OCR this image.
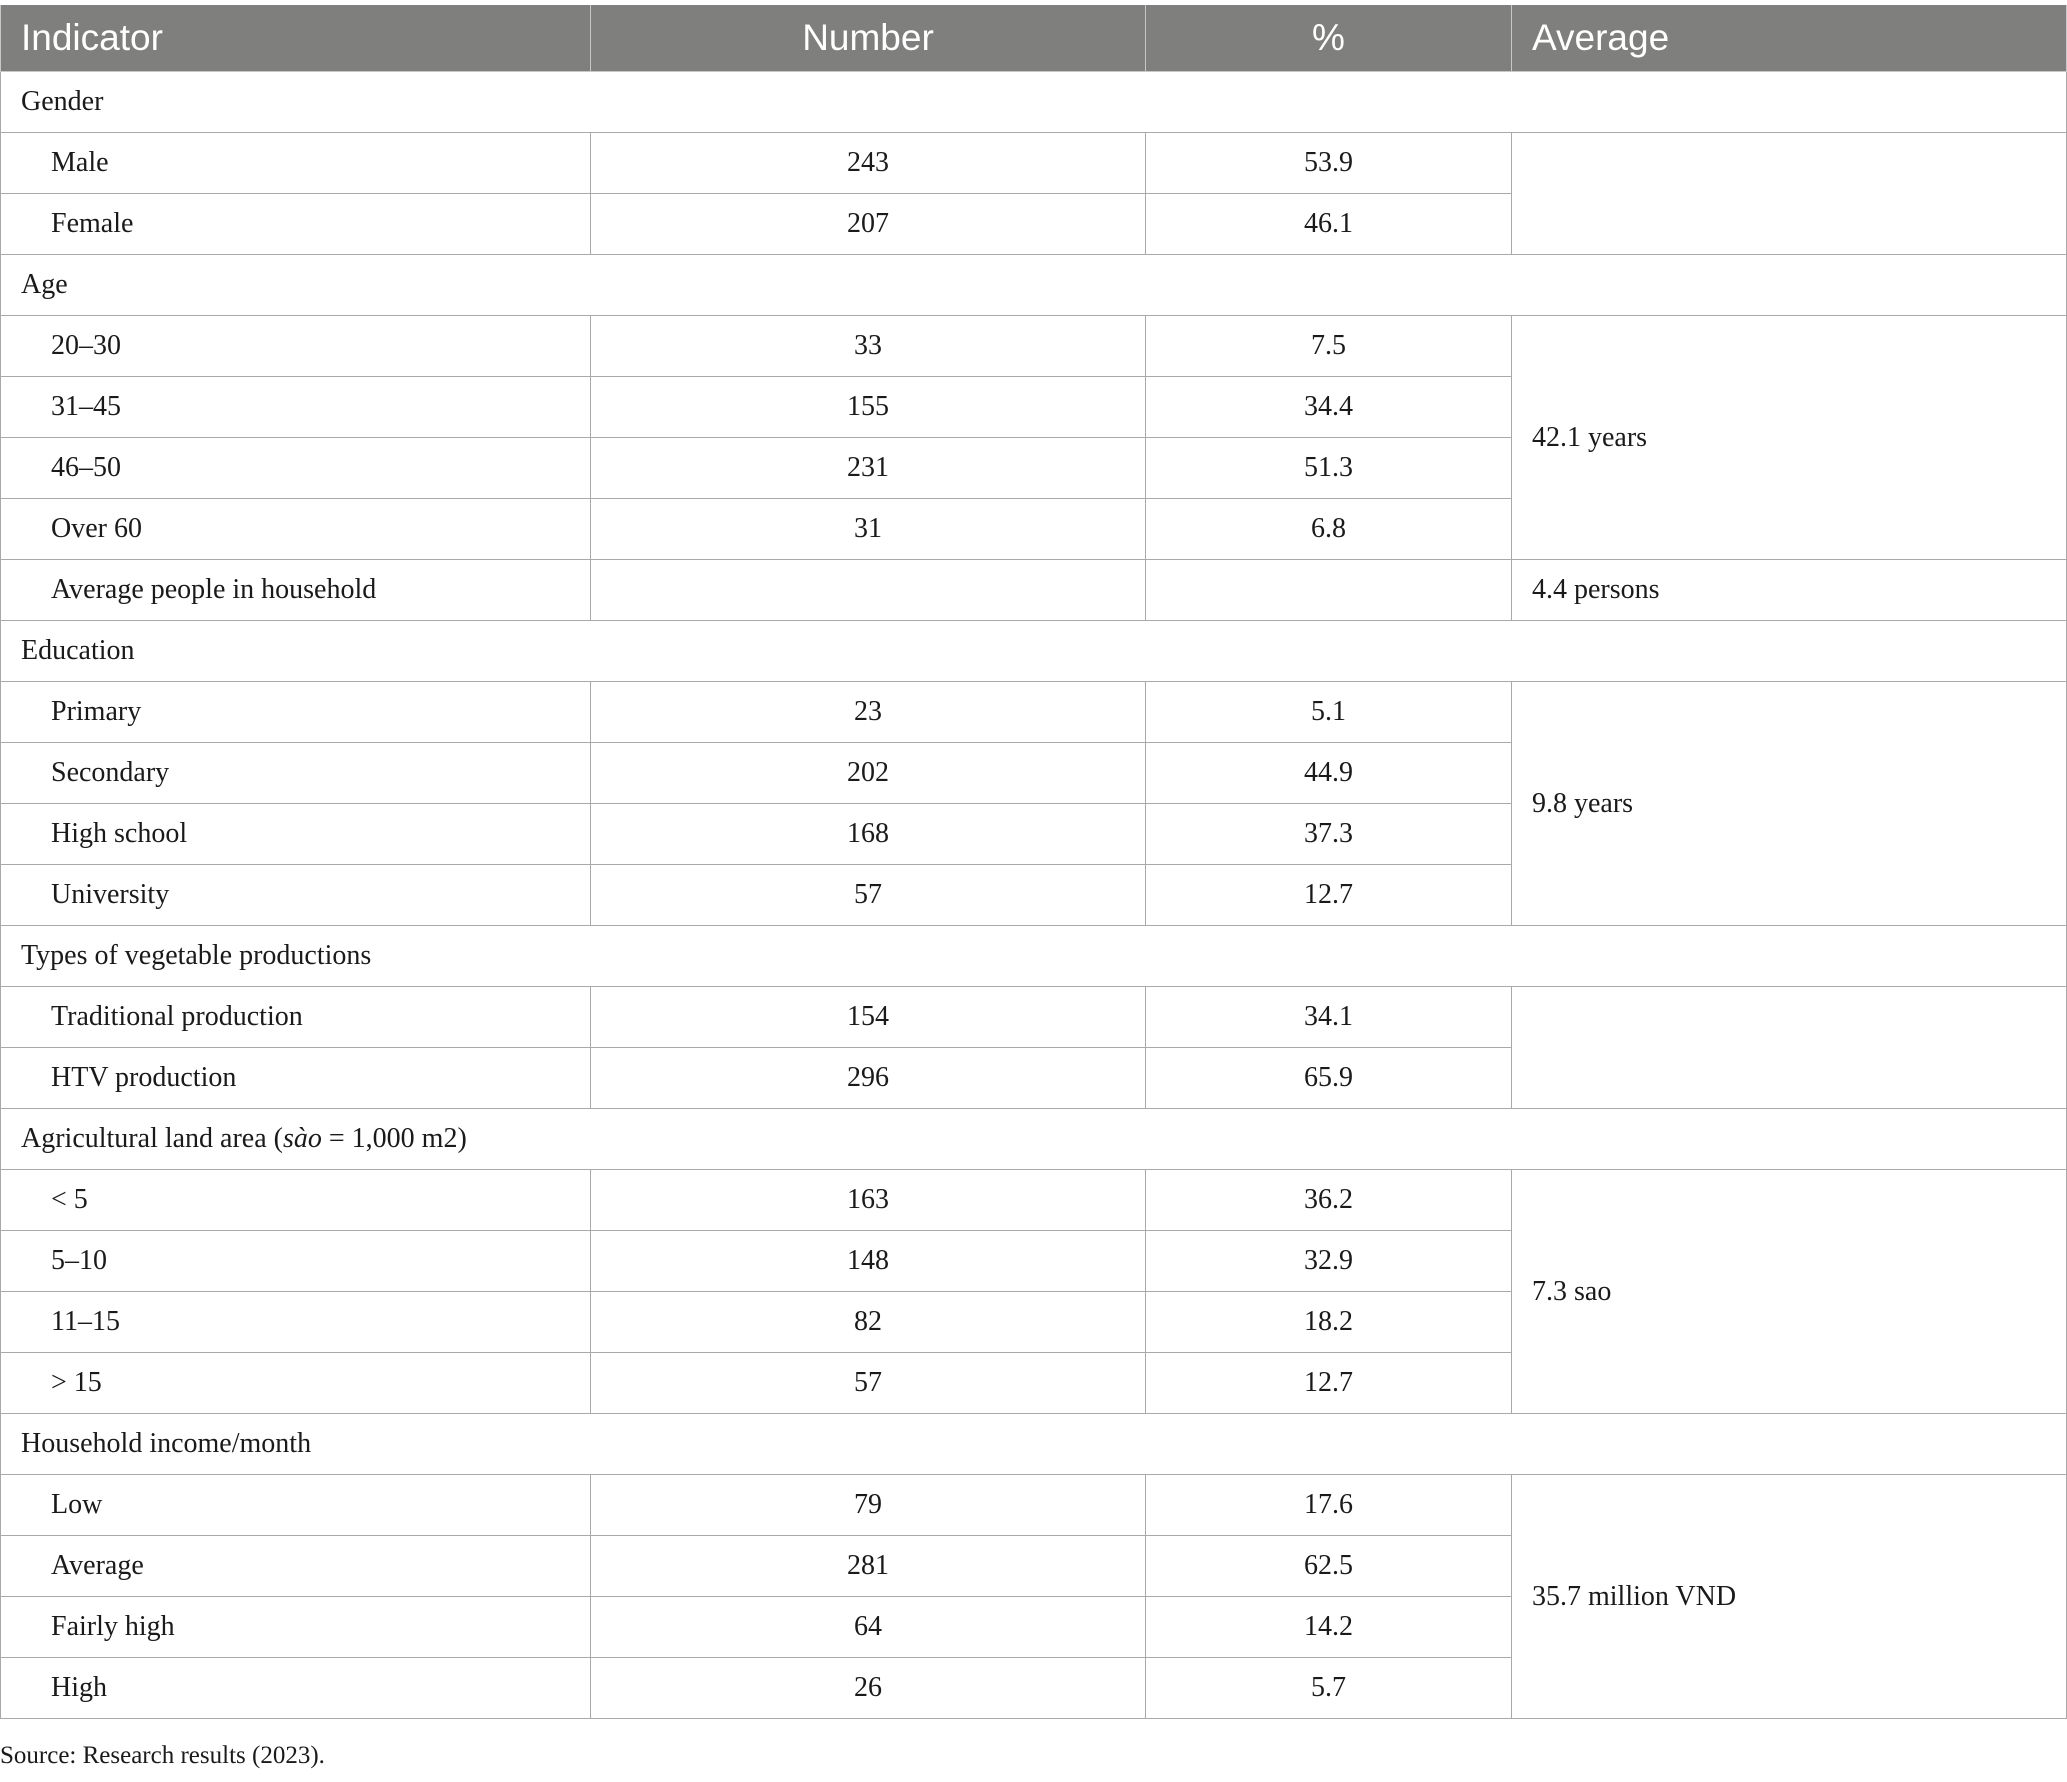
Indicator	Number	%	Average
Gender			
Male	243	53.9	
Female	207	46.1	
Age			
20–30	33	7.5	42.1 years
31–45	155	34.4	
46–50	231	51.3	
Over 60	31	6.8	
Average people in household			4.4 persons
Education			
Primary	23	5.1	9.8 years
Secondary	202	44.9	
High school	168	37.3	
University	57	12.7	
Types of vegetable productions			
Traditional production	154	34.1	
HTV production	296	65.9	
Agricultural land area (sào = 1,000 m2)			
< 5	163	36.2	7.3 sao
5–10	148	32.9	
11–15	82	18.2	
> 15	57	12.7	
Household income/month			
Low	79	17.6	35.7 million VND
Average	281	62.5	
Fairly high	64	14.2	
High	26	5.7	
Source: Research results (2023).
